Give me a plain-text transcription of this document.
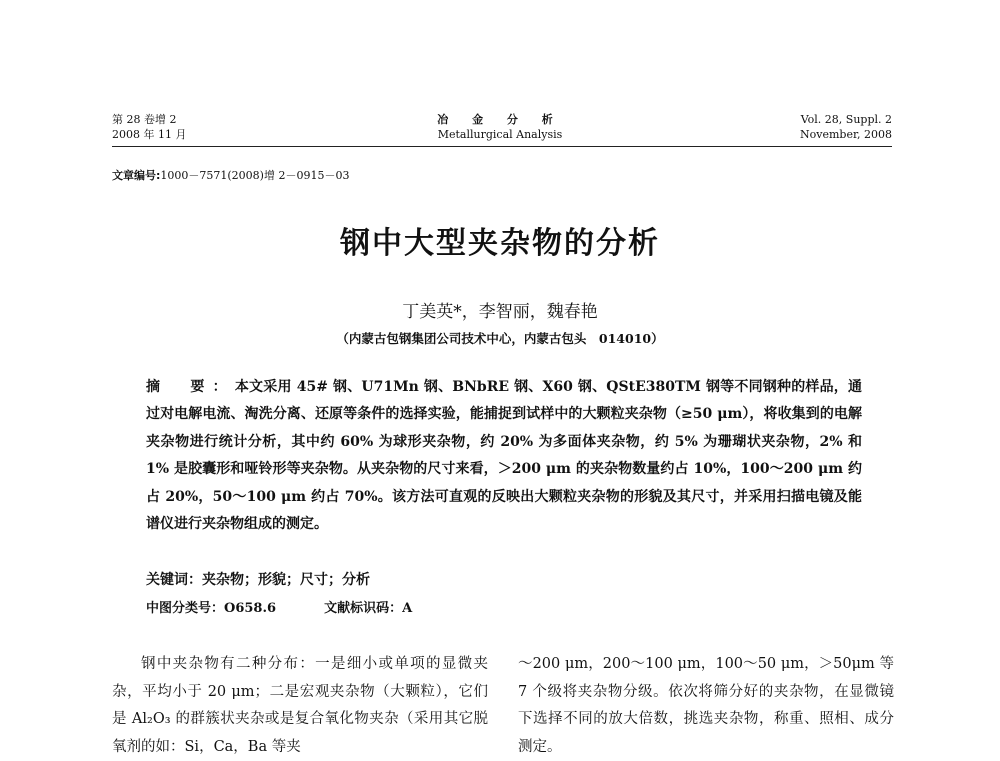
第 28 卷增 2
2008 年 11 月
冶 金 分 析
Metallurgical Analysis
Vol. 28, Suppl. 2
November, 2008
文章编号:1000－7571(2008)增 2－0915－03
钢中大型夹杂物的分析
丁美英*，李智丽，魏春艳
（内蒙古包钢集团公司技术中心，内蒙古包头　014010）
摘　要：本文采用 45# 钢、U71Mn 钢、BNbRE 钢、X60 钢、QStE380TM 钢等不同钢种的样品，通过对电解电流、淘洗分离、还原等条件的选择实验，能捕捉到试样中的大颗粒夹杂物（≥50 μm），将收集到的电解夹杂物进行统计分析，其中约 60% 为球形夹杂物，约 20% 为多面体夹杂物，约 5% 为珊瑚状夹杂物，2% 和 1% 是胶囊形和哑铃形等夹杂物。从夹杂物的尺寸来看，＞200 μm 的夹杂物数量约占 10%，100～200 μm 约占 20%，50～100 μm 约占 70%。该方法可直观的反映出大颗粒夹杂物的形貌及其尺寸，并采用扫描电镜及能谱仪进行夹杂物组成的测定。
关键词：夹杂物；形貌；尺寸；分析
中图分类号：O658.6	文献标识码：A

钢中夹杂物有二种分布：一是细小或单项的显微夹杂，平均小于 20 μm；二是宏观夹杂物（大颗粒），它们是 Al₂O₃ 的群簇状夹杂或是复合氧化物夹杂（采用其它脱氧剂的如：Si，Ca，Ba 等夹

～200 μm，200～100 μm，100～50 μm，＞50μm 等 7 个级将夹杂物分级。依次将筛分好的夹杂物，在显微镜下选择不同的放大倍数，挑选夹杂物，称重、照相、成分测定。
